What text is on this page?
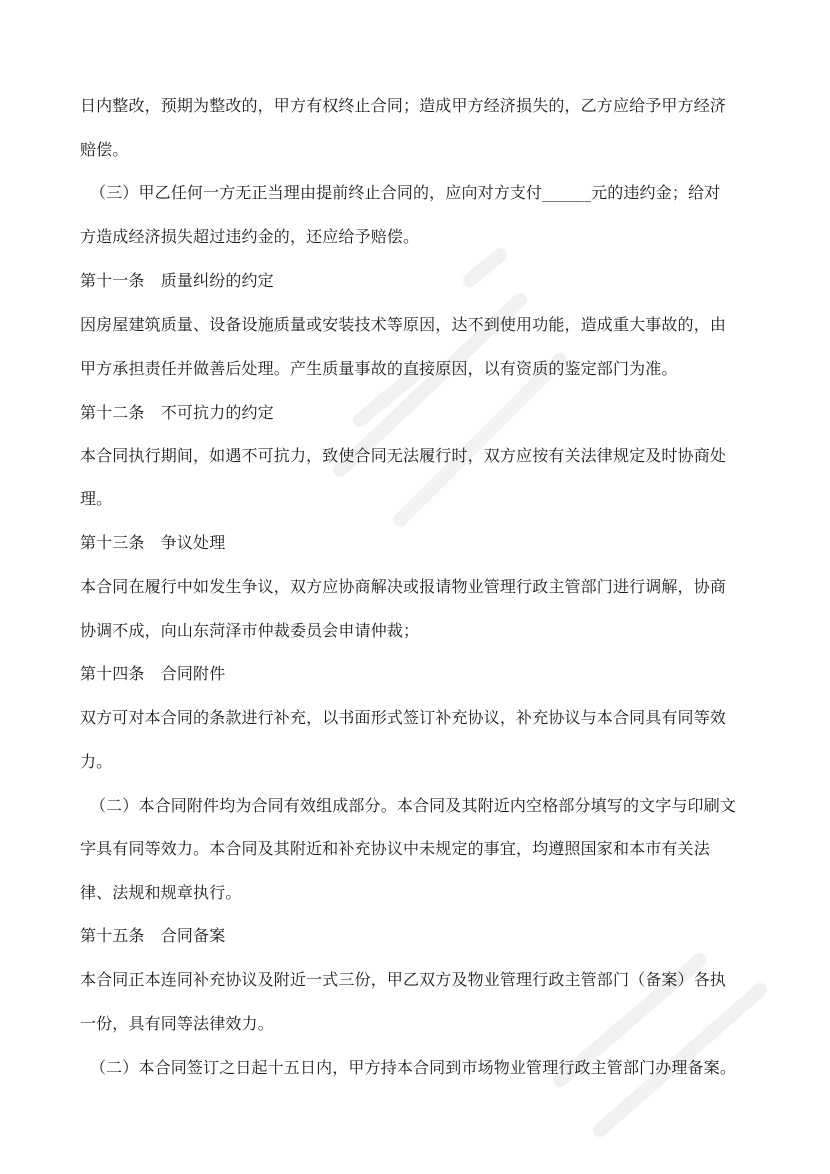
日内整改，预期为整改的，甲方有权终止合同；造成甲方经济损失的，乙方应给予甲方经济
赔偿。
（三）甲乙任何一方无正当理由提前终止合同的，应向对方支付______元的违约金；给对
方造成经济损失超过违约金的，还应给予赔偿。
第十一条　质量纠纷的约定
因房屋建筑质量、设备设施质量或安装技术等原因，达不到使用功能，造成重大事故的，由
甲方承担责任并做善后处理。产生质量事故的直接原因，以有资质的鉴定部门为准。
第十二条　不可抗力的约定
本合同执行期间，如遇不可抗力，致使合同无法履行时，双方应按有关法律规定及时协商处
理。
第十三条　争议处理
本合同在履行中如发生争议，双方应协商解决或报请物业管理行政主管部门进行调解，协商
协调不成，向山东菏泽市仲裁委员会申请仲裁；
第十四条　合同附件
双方可对本合同的条款进行补充，以书面形式签订补充协议，补充协议与本合同具有同等效
力。
（二）本合同附件均为合同有效组成部分。本合同及其附近内空格部分填写的文字与印刷文
字具有同等效力。本合同及其附近和补充协议中未规定的事宜，均遵照国家和本市有关法
律、法规和规章执行。
第十五条　合同备案
本合同正本连同补充协议及附近一式三份，甲乙双方及物业管理行政主管部门（备案）各执
一份，具有同等法律效力。
（二）本合同签订之日起十五日内，甲方持本合同到市场物业管理行政主管部门办理备案。
